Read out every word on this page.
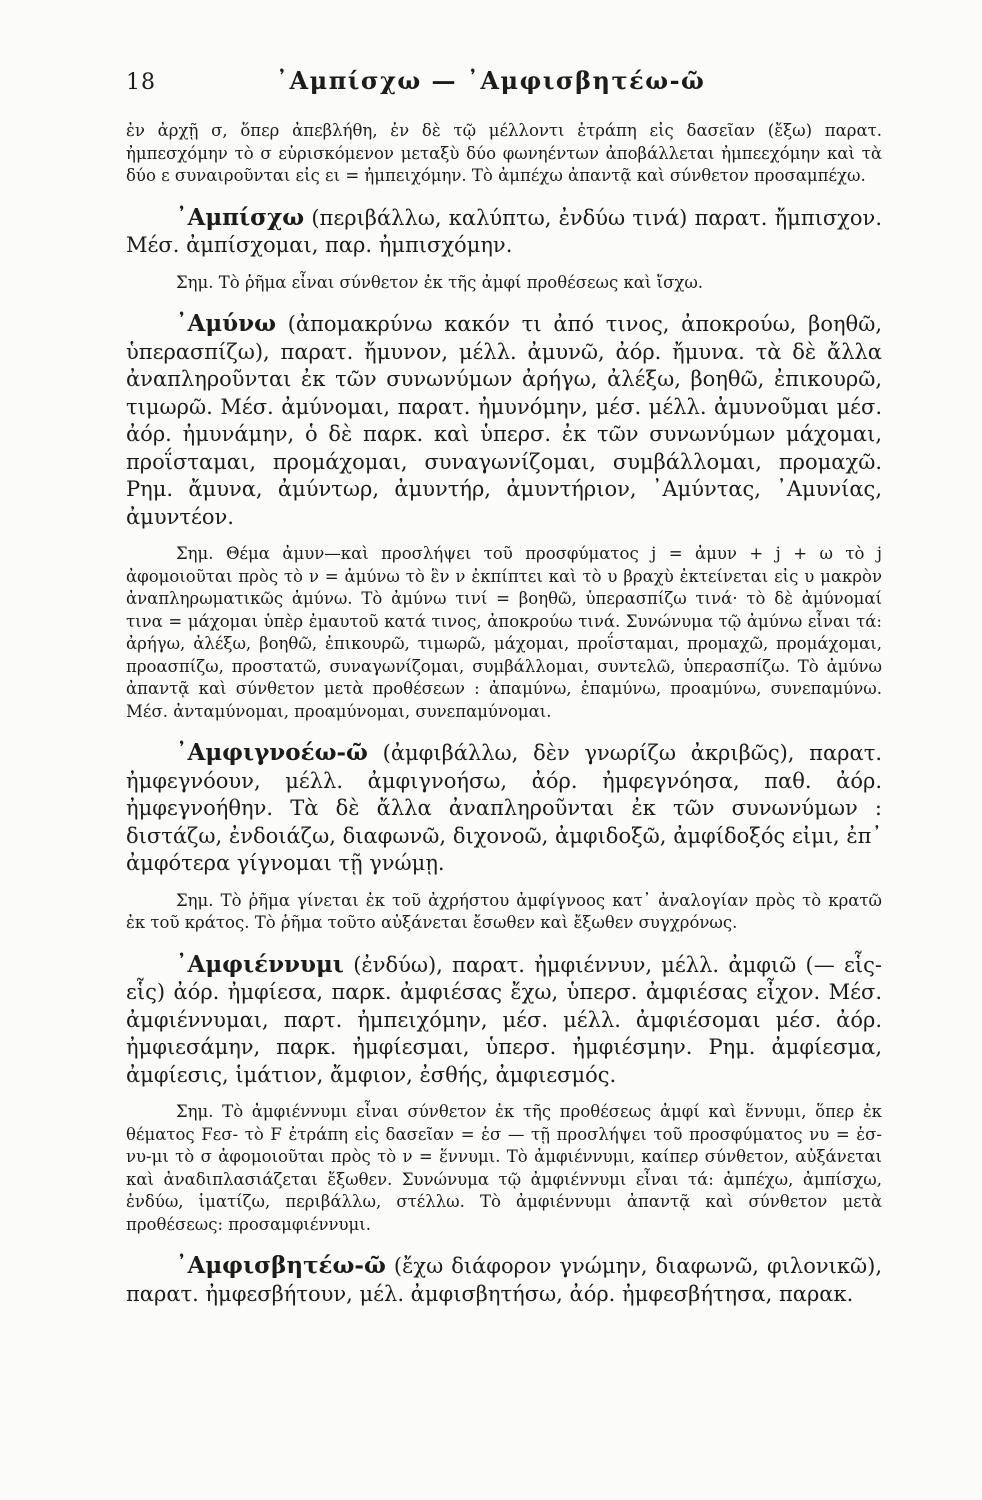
18	᾿Αμπίσχω — ᾿Αμφισβητέω-ῶ

ἐν ἀρχῇ σ, ὅπερ ἀπεβλήθη, ἐν δὲ τῷ μέλλοντι ἐτράπη εἰς δασεῖαν (ἔξω) παρατ. ἠμπεσχόμην τὸ σ εὑρισκόμενον μεταξὺ δύο φωνηέντων ἀποβάλλεται ἠμπεεχόμην καὶ τὰ δύο ε συναιροῦνται εἰς ει = ἠμπειχόμην. Τὸ ἀμπέχω ἀπαντᾷ καὶ σύνθετον προσαμπέχω.

᾿Αμπίσχω (περιβάλλω, καλύπτω, ἐνδύω τινά) παρατ. ἤμπισχον. Μέσ. ἀμπίσχομαι, παρ. ἠμπισχόμην.

Σημ. Τὸ ῥῆμα εἶναι σύνθετον ἐκ τῆς ἀμφί προθέσεως καὶ ἴσχω.

᾿Αμύνω (ἀπομακρύνω κακόν τι ἀπό τινος, ἀποκρούω, βοηθῶ, ὑπερασπίζω), παρατ. ἤμυνον, μέλλ. ἀμυνῶ, ἀόρ. ἤμυνα. τὰ δὲ ἄλλα ἀναπληροῦνται ἐκ τῶν συνωνύμων ἀρήγω, ἀλέξω, βοηθῶ, ἐπικουρῶ, τιμωρῶ. Μέσ. ἀμύνομαι, παρατ. ἠμυνόμην, μέσ. μέλλ. ἀμυνοῦμαι μέσ. ἀόρ. ἠμυνάμην, ὁ δὲ παρκ. καὶ ὑπερσ. ἐκ τῶν συνωνύμων μάχομαι, προΐσταμαι, προμάχομαι, συναγωνίζομαι, συμβάλλομαι, προμαχῶ. Ρημ. ἄμυνα, ἀμύντωρ, ἀμυντήρ, ἀμυντήριον, ᾿Αμύντας, ᾿Αμυνίας, ἀμυντέον.

Σημ. Θέμα ἀμυν—καὶ προσλήψει τοῦ προσφύματος j = ἀμυν + j + ω τὸ j ἀφομοιοῦται πρὸς τὸ ν = ἀμύνω τὸ ἓν ν ἐκπίπτει καὶ τὸ υ βραχὺ ἐκτείνεται εἰς υ μακρὸν ἀναπληρωματικῶς ἀμύνω. Τὸ ἀμύνω τινί = βοηθῶ, ὑπερασπίζω τινά· τὸ δὲ ἀμύνομαί τινα = μάχομαι ὑπὲρ ἐμαυτοῦ κατά τινος, ἀποκρούω τινά. Συνώνυμα τῷ ἀμύνω εἶναι τά: ἀρήγω, ἀλέξω, βοηθῶ, ἐπικουρῶ, τιμωρῶ, μάχομαι, προΐσταμαι, προμαχῶ, προμάχομαι, προασπίζω, προστατῶ, συναγωνίζομαι, συμβάλλομαι, συντελῶ, ὑπερασπίζω. Τὸ ἀμύνω ἀπαντᾷ καὶ σύνθετον μετὰ προθέσεων : ἀπαμύνω, ἐπαμύνω, προαμύνω, συνεπαμύνω. Μέσ. ἀνταμύνομαι, προαμύνομαι, συνεπαμύνομαι.

᾿Αμφιγνοέω-ῶ (ἀμφιβάλλω, δὲν γνωρίζω ἀκριβῶς), παρατ. ἠμφεγνόουν, μέλλ. ἀμφιγνοήσω, ἀόρ. ἠμφεγνόησα, παθ. ἀόρ. ἠμφεγνοήθην. Τὰ δὲ ἄλλα ἀναπληροῦνται ἐκ τῶν συνωνύμων : διστάζω, ἐνδοιάζω, διαφωνῶ, διχονοῶ, ἀμφιδοξῶ, ἀμφίδοξός εἰμι, ἐπ᾿ ἀμφότερα γίγνομαι τῇ γνώμῃ.

Σημ. Τὸ ῥῆμα γίνεται ἐκ τοῦ ἀχρήστου ἀμφίγνοος κατ᾿ ἀναλογίαν πρὸς τὸ κρατῶ ἐκ τοῦ κράτος. Τὸ ῥῆμα τοῦτο αὐξάνεται ἔσωθεν καὶ ἔξωθεν συγχρόνως.

᾿Αμφιέννυμι (ἐνδύω), παρατ. ἠμφιέννυν, μέλλ. ἀμφιῶ (— εἷς-εἷς) ἀόρ. ἠμφίεσα, παρκ. ἀμφιέσας ἔχω, ὑπερσ. ἀμφιέσας εἶχον. Μέσ. ἀμφιέννυμαι, παρτ. ἠμπειχόμην, μέσ. μέλλ. ἀμφιέσομαι μέσ. ἀόρ. ἠμφιεσάμην, παρκ. ἠμφίεσμαι, ὑπερσ. ἠμφιέσμην. Ρημ. ἀμφίεσμα, ἀμφίεσις, ἱμάτιον, ἄμφιον, ἐσθής, ἀμφιεσμός.

Σημ. Τὸ ἀμφιέννυμι εἶναι σύνθετον ἐκ τῆς προθέσεως ἀμφί καὶ ἕννυμι, ὅπερ ἐκ θέματος Fεσ- τὸ F ἐτράπη εἰς δασεῖαν = ἑσ — τῇ προσλήψει τοῦ προσφύματος νυ = ἑσ-νυ-μι τὸ σ ἀφομοιοῦται πρὸς τὸ ν = ἕννυμι. Τὸ ἀμφιέννυμι, καίπερ σύνθετον, αὐξάνεται καὶ ἀναδιπλασιάζεται ἔξωθεν. Συνώνυμα τῷ ἀμφιέννυμι εἶναι τά: ἀμπέχω, ἀμπίσχω, ἐνδύω, ἱματίζω, περιβάλλω, στέλλω. Τὸ ἀμφιέννυμι ἀπαντᾷ καὶ σύνθετον μετὰ προθέσεως: προσαμφιέννυμι.

᾿Αμφισβητέω-ῶ (ἔχω διάφορον γνώμην, διαφωνῶ, φιλονικῶ), παρατ. ἠμφεσβήτουν, μέλ. ἀμφισβητήσω, ἀόρ. ἠμφεσβήτησα, παρακ.
